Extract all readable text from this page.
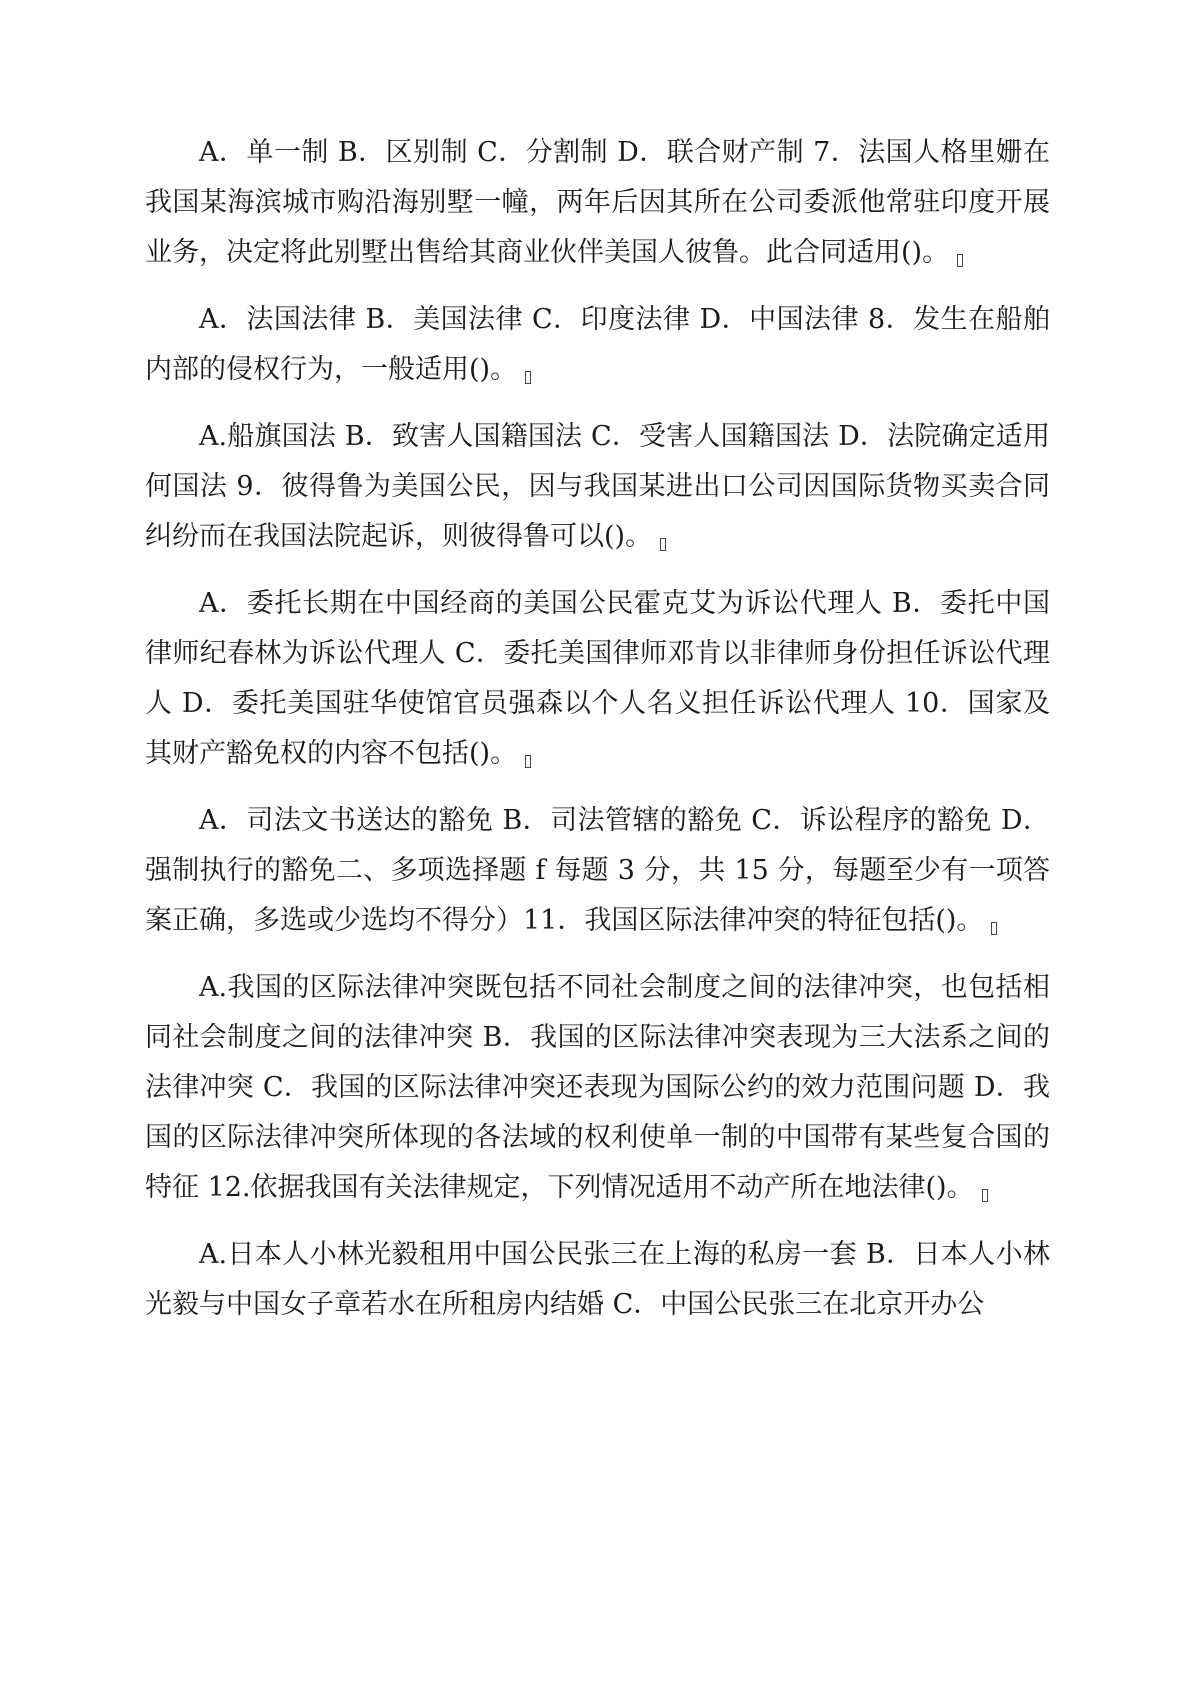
A．单一制 B．区别制 C．分割制 D．联合财产制 7．法国人格里姗在我国某海滨城市购沿海别墅一幢，两年后因其所在公司委派他常驻印度开展业务，决定将此别墅出售给其商业伙伴美国人彼鲁。此合同适用()。

A．法国法律 B．美国法律 C．印度法律 D．中国法律 8．发生在船舶内部的侵权行为，一般适用()。

A.船旗国法 B．致害人国籍国法 C．受害人国籍国法 D．法院确定适用何国法 9．彼得鲁为美国公民，因与我国某进出口公司因国际货物买卖合同纠纷而在我国法院起诉，则彼得鲁可以()。

A．委托长期在中国经商的美国公民霍克艾为诉讼代理人 B．委托中国律师纪春林为诉讼代理人 C．委托美国律师邓肯以非律师身份担任诉讼代理人 D．委托美国驻华使馆官员强森以个人名义担任诉讼代理人 10．国家及其财产豁免权的内容不包括()。

A．司法文书送达的豁免 B．司法管辖的豁免 C．诉讼程序的豁免 D．强制执行的豁免二、多项选择题 f 每题 3 分，共 15 分，每题至少有一项答案正确，多选或少选均不得分）11．我国区际法律冲突的特征包括()。

A.我国的区际法律冲突既包括不同社会制度之间的法律冲突，也包括相同社会制度之间的法律冲突 B．我国的区际法律冲突表现为三大法系之间的法律冲突 C．我国的区际法律冲突还表现为国际公约的效力范围问题 D．我国的区际法律冲突所体现的各法域的权利使单一制的中国带有某些复合国的特征 12.依据我国有关法律规定，下列情况适用不动产所在地法律()。

A.日本人小林光毅租用中国公民张三在上海的私房一套 B．日本人小林光毅与中国女子章若水在所租房内结婚 C．中国公民张三在北京开办公
